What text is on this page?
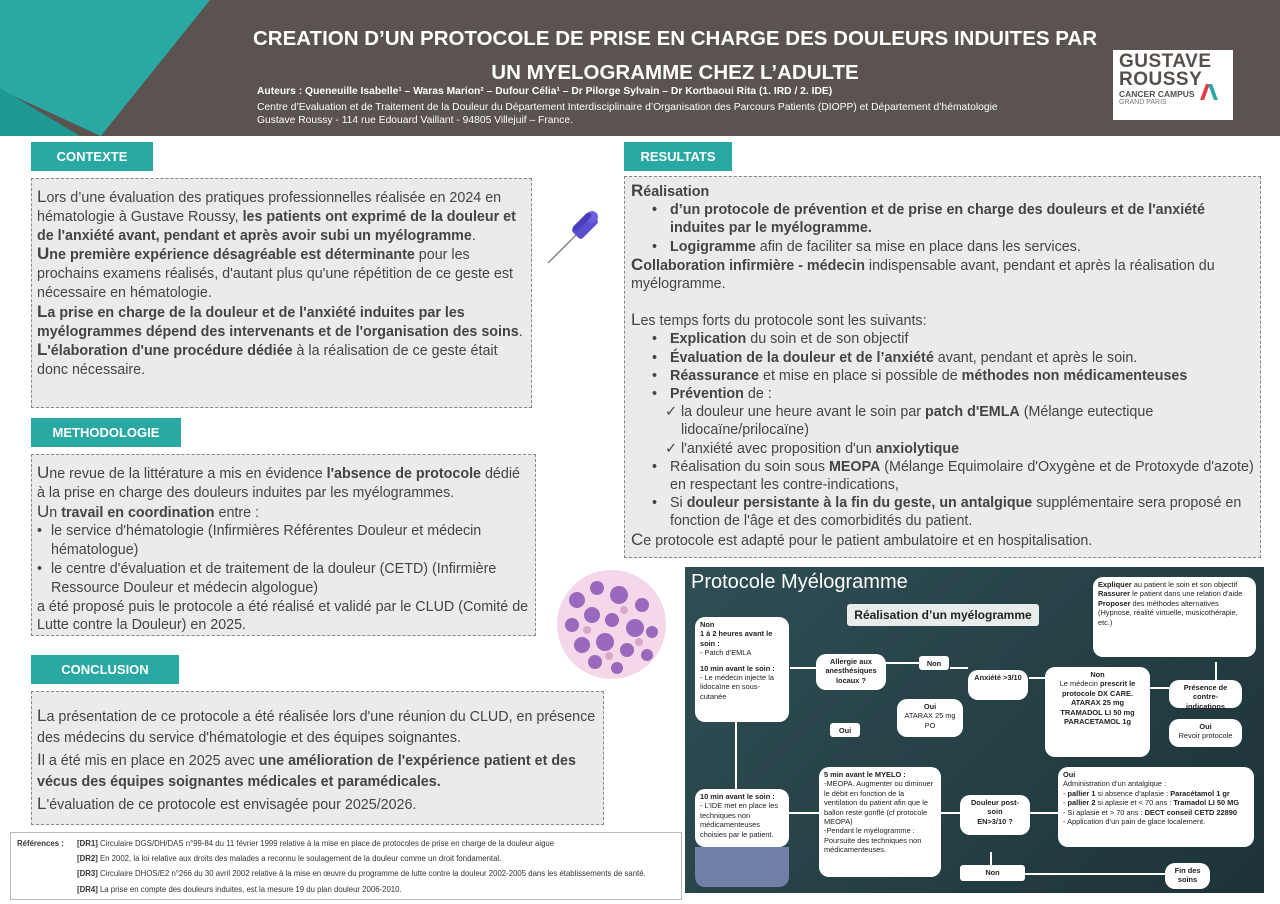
CREATION D’UN PROTOCOLE DE PRISE EN CHARGE DES DOULEURS INDUITES PAR
UN MYELOGRAMME CHEZ L’ADULTE
Auteurs : Queneuille Isabelle¹ – Waras Marion² – Dufour Célia¹ – Dr Pilorge Sylvain – Dr Kortbaoui Rita (1. IRD / 2. IDE)
Centre d’Evaluation et de Traitement de la Douleur du Département Interdisciplinaire d’Organisation des Parcours Patients (DIOPP) et Département d’hématologie
Gustave Roussy - 114 rue Edouard Vaillant - 94805 Villejuif – France.
GUSTAVE
ROUSSY
CANCER CAMPUS
GRAND PARIS
CONTEXTE

Lors d’une évaluation des pratiques professionnelles réalisée en 2024 en hématologie à Gustave Roussy, les patients ont exprimé de la douleur et de l'anxiété avant, pendant et après avoir subi un myélogramme.

Une première expérience désagréable est déterminante pour les prochains examens réalisés, d'autant plus qu'une répétition de ce geste est nécessaire en hématologie.

La prise en charge de la douleur et de l'anxiété induites par les myélogrammes dépend des intervenants et de l'organisation des soins.

L'élaboration d'une procédure dédiée à la réalisation de ce geste était donc nécessaire.

METHODOLOGIE

Une revue de la littérature a mis en évidence l'absence de protocole dédié à la prise en charge des douleurs induites par les myélogrammes.

Un travail en coordination entre :

• le service d'hématologie (Infirmières Référentes Douleur et médecin hématologue)
• le centre d'évaluation et de traitement de la douleur (CETD) (Infirmière Ressource Douleur et médecin algologue)

a été proposé puis le protocole a été réalisé et validé par le CLUD (Comité de Lutte contre la Douleur) en 2025.

CONCLUSION

La présentation de ce protocole a été réalisée lors d'une réunion du CLUD, en présence des médecins du service d'hématologie et des équipes soignantes.

Il a été mis en place en 2025 avec une amélioration de l'expérience patient et des vécus des équipes soignantes médicales et paramédicales.

L'évaluation de ce protocole est envisagée pour 2025/2026.

RESULTATS

Réalisation

• d’un protocole de prévention et de prise en charge des douleurs et de l'anxiété induites par le myélogramme.
• Logigramme afin de faciliter sa mise en place dans les services.

Collaboration infirmière - médecin indispensable avant, pendant et après la réalisation du myélogramme.

Les temps forts du protocole sont les suivants:

• Explication du soin et de son objectif
• Évaluation de la douleur et de l’anxiété avant, pendant et après le soin.
• Réassurance et mise en place si possible de méthodes non médicamenteuses
• Prévention de :
✓ la douleur une heure avant le soin par patch d'EMLA (Mélange eutectique lidocaïne/prilocaïne)
✓ l'anxiété avec proposition d'un anxiolytique
• Réalisation du soin sous MEOPA (Mélange Equimolaire d'Oxygène et de Protoxyde d'azote) en respectant les contre-indications,
• Si douleur persistante à la fin du geste, un antalgique supplémentaire sera proposé en fonction de l'âge et des comorbidités du patient.

Ce protocole est adapté pour le patient ambulatoire et en hospitalisation.

Références : [DR1] Circulaire DGS/DH/DAS n°99-84 du 11 février 1999 relative à la mise en place de protocoles de prise en charge de la douleur aigue
[DR2] En 2002, la loi relative aux droits des malades a reconnu le soulagement de la douleur comme un droit fondamental.
[DR3] Circulaire DHOS/E2 n°266 du 30 avril 2002 relative à la mise en œuvre du programme de lutte contre la douleur 2002-2005 dans les établissements de santé.
[DR4] La prise en compte des douleurs induites, est la mesure 19 du plan douleur 2006-2010.
Protocole Myélogramme
Réalisation d’un myélogramme
Expliquer au patient le soin et son objectif
Rassurer le patient dans une relation d'aide
Proposer des méthodes alternatives (Hypnose, réalité virtuelle, musicothérapie, etc.)
Non
1 à 2 heures avant le soin :
- Patch d’EMLA
10 min avant le soin :
- Le médecin injecte la lidocaïne en sous-cutanée
Allergie aux anesthésiques locaux ?
Oui
Non
Oui
ATARAX 25 mg PO
Anxiété >3/10	Non
Le médecin prescrit le protocole DX CARE.
ATARAX 25 mg
TRAMADOL LI 50 mg
PARACETAMOL 1g
Présence de contre-indications
Oui
Revoir protocole
10 min avant le soin :
- L’IDE met en place les techniques non médicamenteuses choisies par le patient.
5 min avant le MYELO :
-MEOPA. Augmenter ou diminuer le débit en fonction de la ventilation du patient afin que le ballon reste gonflé (cf protocole MEOPA)
-Pendant le myélogramme : Poursuite des techniques non médicamenteuses.
Douleur post-soin
EN>3/10 ?
Oui
Administration d’un antalgique :
- pallier 1 si absence d’aplasie : Paracétamol 1 gr
- pallier 2 si aplasie et < 70 ans : Tramadol LI 50 MG
- Si aplasie et > 70 ans : DECT conseil CETD 22890
- Application d’un pain de glace localement.
Non	Fin des soins
